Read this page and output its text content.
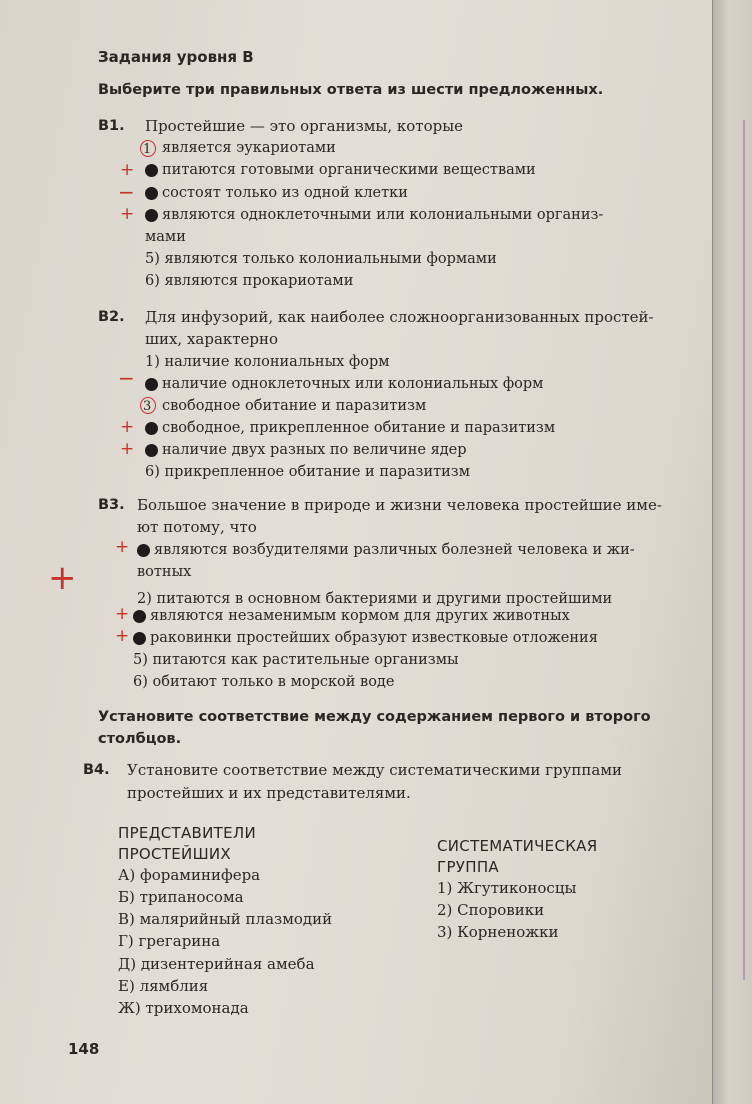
Задания уровня В
Выберите три правильных ответа из шести предложенных.
В1. Простейшие — это организмы, которые
1 является эукариотами
+ питаются готовыми органическими веществами
− состоят только из одной клетки
+ являются одноклеточными или колониальными организ-
мами
5) являются только колониальными формами
6) являются прокариотами
В2. Для инфузорий, как наиболее сложноорганизованных простей-
ших, характерно
1) наличие колониальных форм
− наличие одноклеточных или колониальных форм
3 свободное обитание и паразитизм
+ свободное, прикрепленное обитание и паразитизм
+ наличие двух разных по величине ядер
6) прикрепленное обитание и паразитизм
В3. Большое значение в природе и жизни человека простейшие име-
ют потому, что
+ являются возбудителями различных болезней человека и жи-
вотных
2) питаются в основном бактериями и другими простейшими
+ являются незаменимым кормом для других животных
+ раковинки простейших образуют известковые отложения
5) питаются как растительные организмы
6) обитают только в морской воде
+
Установите соответствие между содержанием первого и второго столбцов.
В4. Установите соответствие между систематическими группами
простейших и их представителями.
ПРЕДСТАВИТЕЛИ
ПРОСТЕЙШИХ
А) фораминифера
Б) трипаносома
В) малярийный плазмодий
Г) грегарина
Д) дизентерийная амеба
Е) лямблия
Ж) трихомонада
СИСТЕМАТИЧЕСКАЯ
ГРУППА
1) Жгутиконосцы
2) Споровики
3) Корненожки
148
